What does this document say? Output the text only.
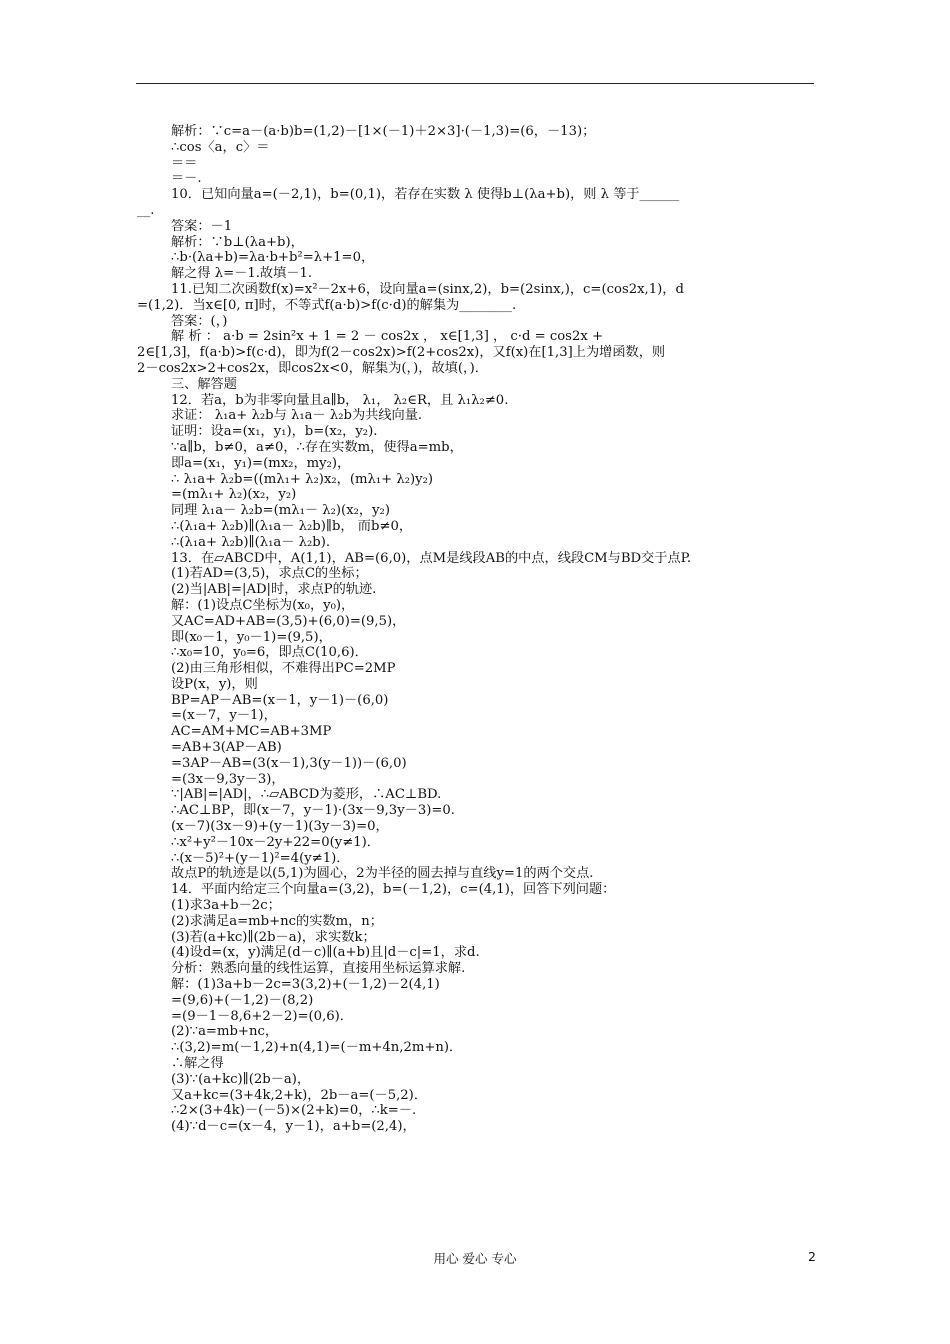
解析：∵c=a－(a·b)b=(1,2)－[1×(－1)＋2×3]·(－1,3)=(6，－13)；
∴cos〈a，c〉＝
＝＝
＝－.
10．已知向量a=(－2,1)，b=(0,1)，若存在实数 λ 使得b⊥(λa+b)，则 λ 等于______
__.
答案：－1
解析：∵b⊥(λa+b)，
∴b·(λa+b)=λa·b+b²=λ+1=0，
解之得 λ=－1.故填－1.
11.已知二次函数f(x)=x²－2x+6，设向量a=(sinx,2)，b=(2sinx,)，c=(cos2x,1)，d
=(1,2)．当x∈[0, π]时，不等式f(a·b)>f(c·d)的解集为________.
答案：(，)
解 析 ： a·b = 2sin²x + 1 = 2 － cos2x ， x∈[1,3] ， c·d = cos2x +
2∈[1,3]，f(a·b)>f(c·d)，即为f(2－cos2x)>f(2+cos2x)，又f(x)在[1,3]上为增函数，则
2－cos2x>2+cos2x，即cos2x<0，解集为(，)，故填(，)．
三、解答题
12．若a，b为非零向量且a∥b， λ₁， λ₂∈R，且 λ₁λ₂≠0.
求证： λ₁a+ λ₂b与 λ₁a－ λ₂b为共线向量.
证明：设a=(x₁，y₁)，b=(x₂，y₂).
∵a∥b，b≠0，a≠0，∴存在实数m，使得a=mb，
即a=(x₁，y₁)=(mx₂，my₂)，
∴ λ₁a+ λ₂b=((mλ₁+ λ₂)x₂，(mλ₁+ λ₂)y₂)
=(mλ₁+ λ₂)(x₂，y₂)
同理 λ₁a－ λ₂b=(mλ₁－ λ₂)(x₂，y₂)
∴(λ₁a+ λ₂b)∥(λ₁a－ λ₂b)∥b， 而b≠0，
∴(λ₁a+ λ₂b)∥(λ₁a－ λ₂b).
13．在▱ABCD中，A(1,1)，AB=(6,0)，点M是线段AB的中点，线段CM与BD交于点P.
(1)若AD=(3,5)，求点C的坐标；
(2)当|AB|=|AD|时，求点P的轨迹.
解：(1)设点C坐标为(x₀，y₀)，
又AC=AD+AB=(3,5)+(6,0)=(9,5)，
即(x₀－1，y₀－1)=(9,5)，
∴x₀=10，y₀=6，即点C(10,6)．
(2)由三角形相似，不难得出PC=2MP
设P(x，y)，则
BP=AP－AB=(x－1，y－1)－(6,0)
=(x－7，y－1)，
AC=AM+MC=AB+3MP
=AB+3(AP－AB)
=3AP－AB=(3(x－1),3(y－1))－(6,0)
=(3x－9,3y－3)，
∵|AB|=|AD|，∴▱ABCD为菱形，∴AC⊥BD.
∴AC⊥BP，即(x－7，y－1)·(3x－9,3y－3)=0.
(x－7)(3x－9)+(y－1)(3y－3)=0，
∴x²+y²－10x－2y+22=0(y≠1)．
∴(x－5)²+(y－1)²=4(y≠1)．
故点P的轨迹是以(5,1)为圆心，2为半径的圆去掉与直线y=1的两个交点.
14．平面内给定三个向量a=(3,2)，b=(－1,2)，c=(4,1)，回答下列问题：
(1)求3a+b－2c；
(2)求满足a=mb+nc的实数m，n；
(3)若(a+kc)∥(2b－a)，求实数k；
(4)设d=(x，y)满足(d－c)∥(a+b)且|d－c|=1，求d.
分析：熟悉向量的线性运算，直接用坐标运算求解.
解：(1)3a+b－2c=3(3,2)+(－1,2)－2(4,1)
=(9,6)+(－1,2)－(8,2)
=(9－1－8,6+2－2)=(0,6)．
(2)∵a=mb+nc，
∴(3,2)=m(－1,2)+n(4,1)=(－m+4n,2m+n)．
∴解之得
(3)∵(a+kc)∥(2b－a)，
又a+kc=(3+4k,2+k)，2b－a=(－5,2)．
∴2×(3+4k)－(－5)×(2+k)=0，∴k=－.
(4)∵d－c=(x－4，y－1)，a+b=(2,4)，
用心 爱心 专心	2
